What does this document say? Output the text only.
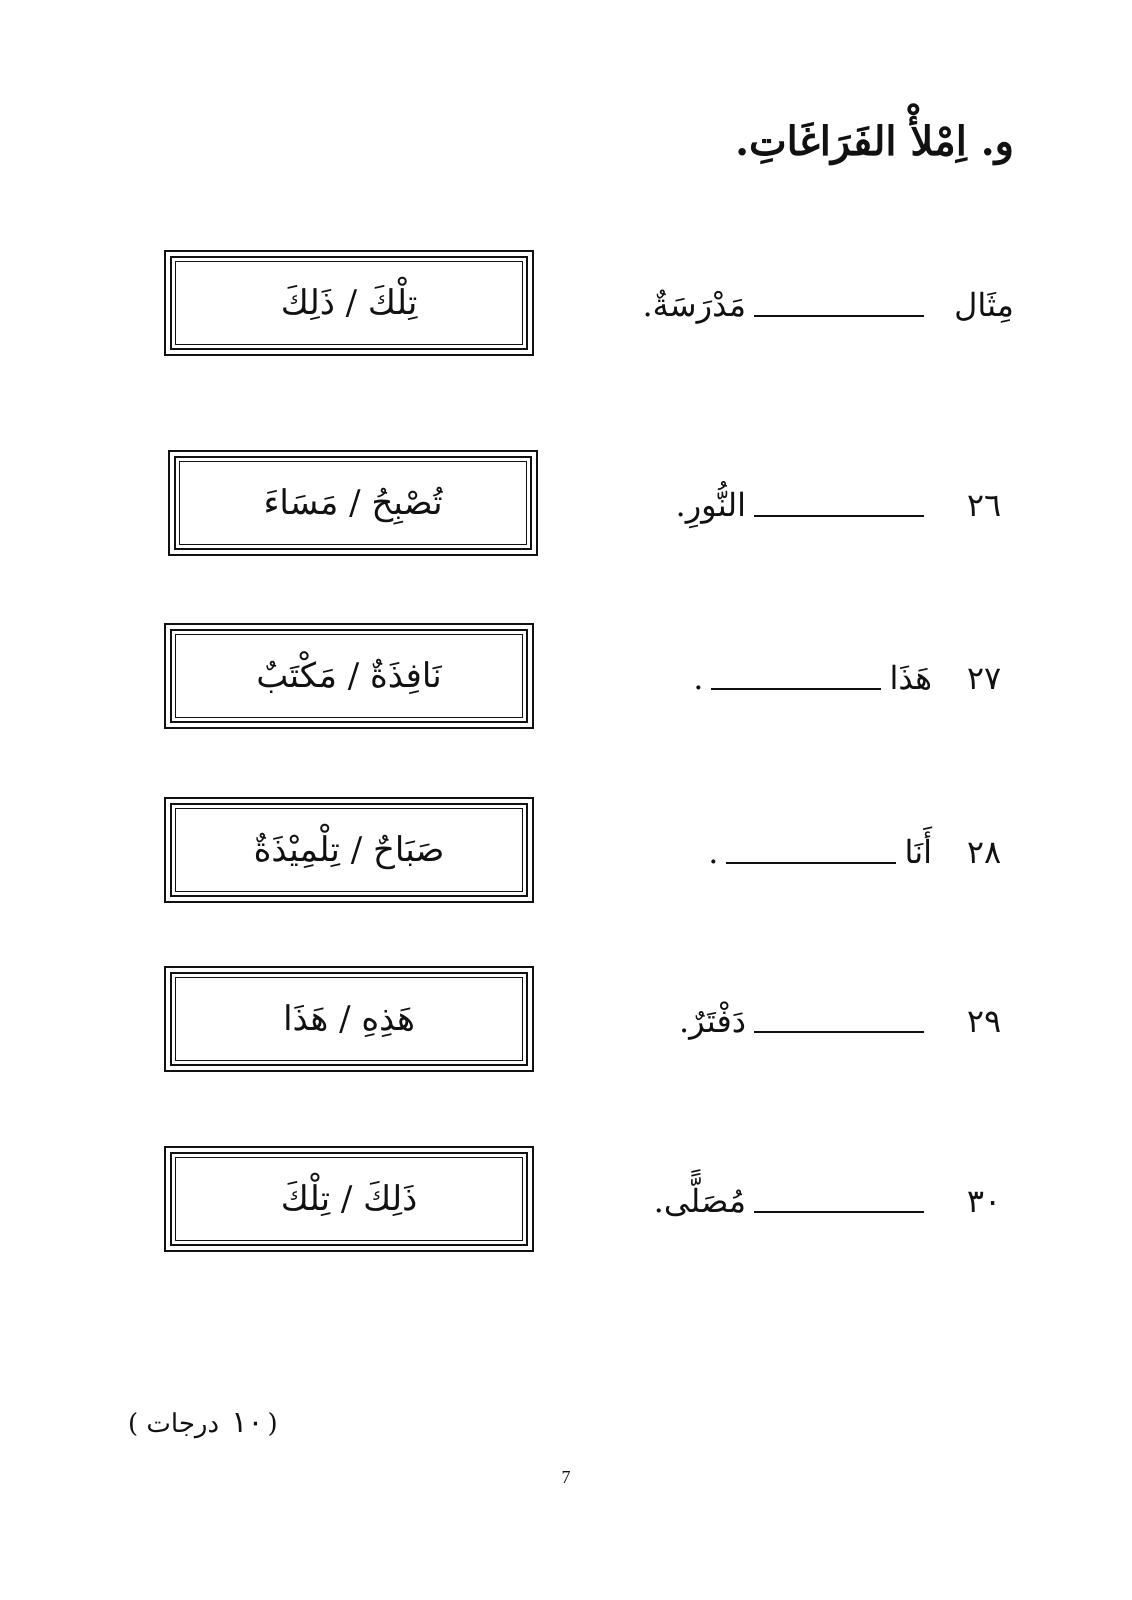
و. اِمْلأْ الفَرَاغَاتِ.
مِثَال
مَدْرَسَةٌ.
تِلْكَ / ذَلِكَ
٢٦
النُّورِ.
تُصْبِحُ / مَسَاءَ
٢٧
هَذَا
.
نَافِذَةٌ / مَكْتَبٌ
٢٨
أَنَا
.
صَبَاحٌ / تِلْمِيْذَةٌ
٢٩
دَفْتَرٌ.
هَذِهِ / هَذَا
٣٠
مُصَلًّى.
ذَلِكَ / تِلْكَ
(١٠ درجات )
7
